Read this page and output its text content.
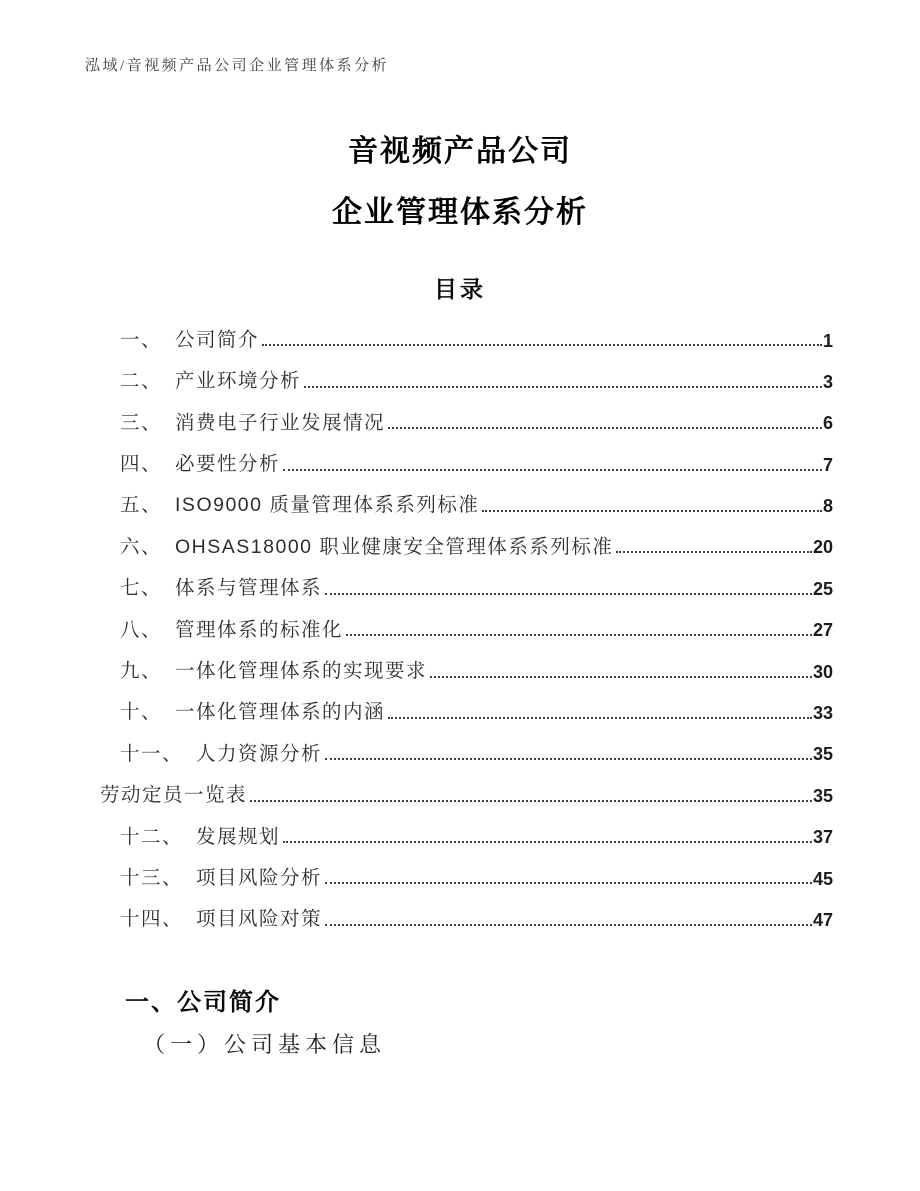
泓域/音视频产品公司企业管理体系分析
音视频产品公司
企业管理体系分析
目录
一、 公司简介	1
二、 产业环境分析	3
三、 消费电子行业发展情况	6
四、 必要性分析	7
五、 ISO9000 质量管理体系系列标准	8
六、 OHSAS18000 职业健康安全管理体系系列标准	20
七、 体系与管理体系	25
八、 管理体系的标准化	27
九、 一体化管理体系的实现要求	30
十、 一体化管理体系的内涵	33
十一、 人力资源分析	35
劳动定员一览表	35
十二、 发展规划	37
十三、 项目风险分析	45
十四、 项目风险对策	47
一、公司简介
（一）公司基本信息
